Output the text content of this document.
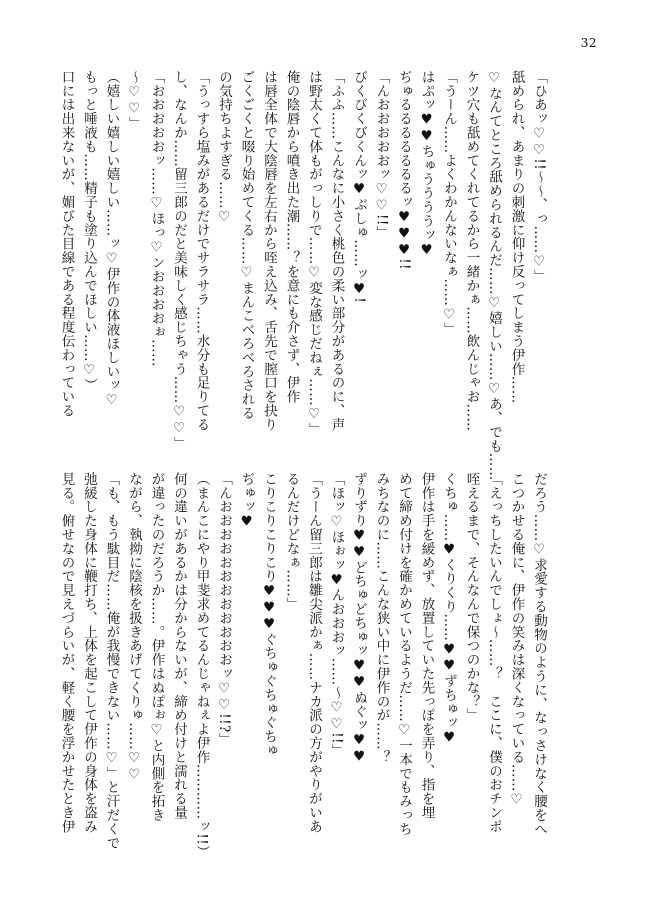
32
「ひあッ♡♡!!～～、っ……♡」
舐められ、あまりの刺激に仰け反ってしまう伊作……
♡なんてところ舐められるんだ……♡嬉しい……♡あ、でも……
ケツ穴も舐めてくれてるから一緒かぁ……飲んじゃお……
「うーん……よくわかんないなぁ……♡」
はぷッ♥♥ちゅううううッ♥
ぢゅるるるるるるるッ♥♥♥!!
「んおおおおおッ♡♡!!」
びくびくびくんッ♥ぶしゅ……ッ♥!
「ふふ……こんなに小さく桃色の柔い部分があるのに、声
は野太くて体もがっしりで……♡変な感じだねぇ……♡」
俺の陰唇から噴き出た潮……？を意にも介さず、伊作
は唇全体で大陰唇を左右から咥え込み、舌先で膣口を抉り
ごくごくと啜り始めてくる……♡まんこべろべろされる
の気持ちよすぎる……♡
「うっすら塩みがあるだけでサラサラ……水分も足りてる
し、なんか……留三郎のだと美味しく感じちゃう……♡♡」
「おおおおおッ……♡ほっ♡ンおおおおぉ……
～♡♡」
（嬉しい嬉しい嬉しい……ッ♡伊作の体液ほしいッ♡
もっと唾液も……精子も塗り込んでほしい……♡）
口には出来ないが、媚びた目線である程度伝わっている
だろう……♡求愛する動物のように、なっさけなく腰をへ
こつかせる俺に、伊作の笑みは深くなっている……♡
「えっちしたいんでしょ～……？　ここに、僕のおチンポ
咥えるまで、そんなんで保つのかな？」
くちゅ……♥くりくり……♥♥ずちゅッ♥
伊作は手を緩めず、放置していた先っぽを弄り、指を埋
めて締め付けを確かめているようだ……♡一本でもみっち
みちなのに……こんな狭い中に伊作のが……？
ずりずり♥♥どちゅどちゅッ♥♥ぬぐッ♥♥
「ほッ♡ほぉッ♥んおおおッ……～♡♡!!」
「うーん留三郎は雛尖派かぁ……ナカ派の方がやりがいあ
るんだけどなぁ……」
こりこりこりこり♥♥♥ぐちゅぐちゅぐちゅ
ぢゅッ♥
「んおおおおおおおおおおおおッ♡♡!!?」
（まんこにやり甲斐求めてるんじゃねぇよ伊作…………ッ!!）
何の違いがあるかは分からないが、締め付けと濡れる量
が違ったのだろうか……。伊作はぬぽぉ♡と内側を拓き
ながら、執拗に陰核を扱きあげてくりゅ……♡♡
「も、もう駄目だ……俺が我慢できない……♡」と汗だくで
弛緩した身体に鞭打ち、上体を起こして伊作の身体を盗み
見る。俯せなので見えづらいが、軽く腰を浮かせたとき伊
